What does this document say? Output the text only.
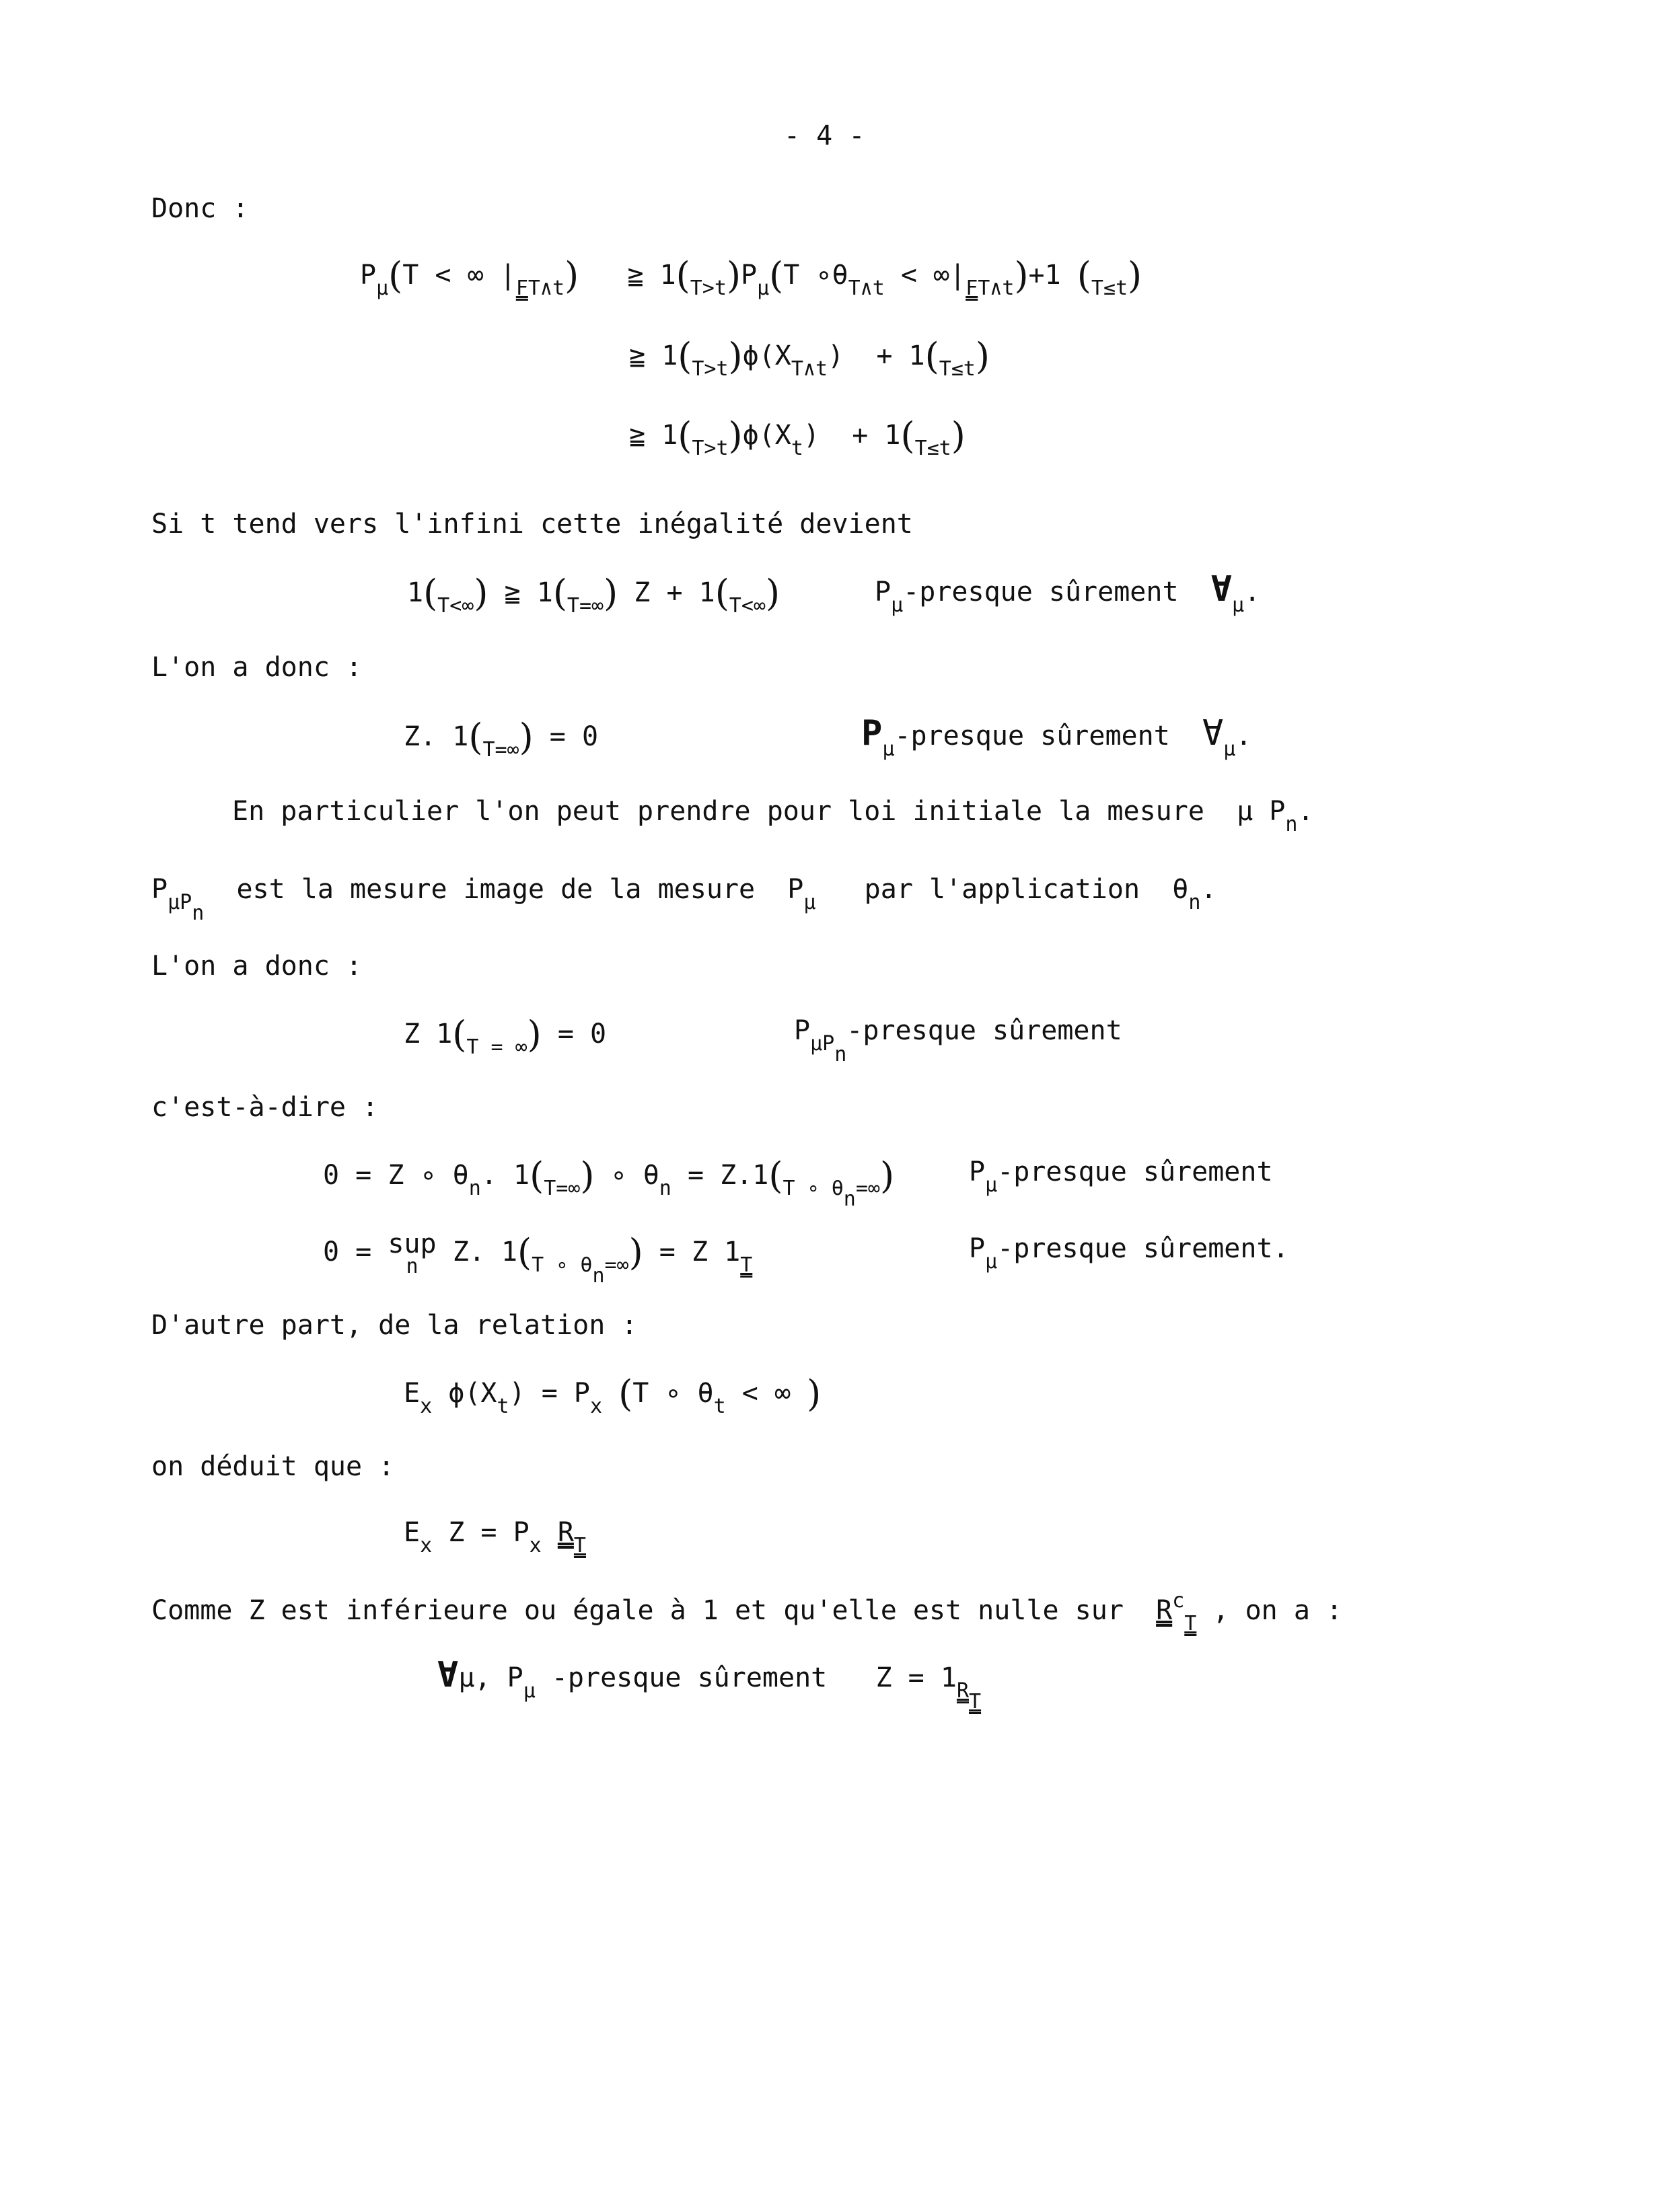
- 4 -
Donc :
$P_\mu(T$ < ∞ $|_{FT\wedge t}$) ≧ $1(_{T>t})P_\mu(T$ $\circ\theta_{T\wedge t} < \infty|_{FT\wedge t})+1$ $(_{T\le t})$
≧ $1(_{T>t})\phi(X_{T\wedge t}) + 1(_{T\le t})$
≧ $1(_{T>t})\phi(X_t) + 1(_{T\le t})$
Si t tend vers l'infini cette inégalité devient
$1(_{T<\infty})$ ≧ $1(_{T=\infty}) Z + 1(_{T<\infty})$	$P_\mu$-presque sûrement $\forall_\mu$.
L'on a donc :
Z. $1(_{T=\infty}) = 0$	$P_\mu$-presque sûrement $\forall_\mu$.
En particulier l'on peut prendre pour loi initiale la mesure μ $P_n$.
$P_{\mu Pn}$  est la mesure image de la mesure $P_\mu$ par l'application $\theta_n$.
L'on a donc :
Z $1(_{T = \infty}) = 0$	$P_{\mu Pn}$-presque sûrement
c'est-à-dire :
0 = Z ∘ $\theta_n$. $1(_{T=\infty})$ ∘ $\theta_n = Z.1(_{T \circ \theta n=\infty})$	$P_\mu$-presque sûrement
0 = sup
n	Z. $1(_{T \circ \theta n=\infty}) = Z$ $1_T$
$P_\mu$-presque sûrement.
D'autre part, de la relation :
$E_x$ $\phi(X_t) = P_x$ (T ∘ $\theta_t$ < ∞ )
on déduit que :
$E_x$ $Z = P_x$ $R_T$
Comme Z est inférieure ou égale à 1 et qu'elle est nulle sur $R^c_T$ , on a :
∀μ, $P_\mu$ -presque sûrement $Z = 1_{RT}$
